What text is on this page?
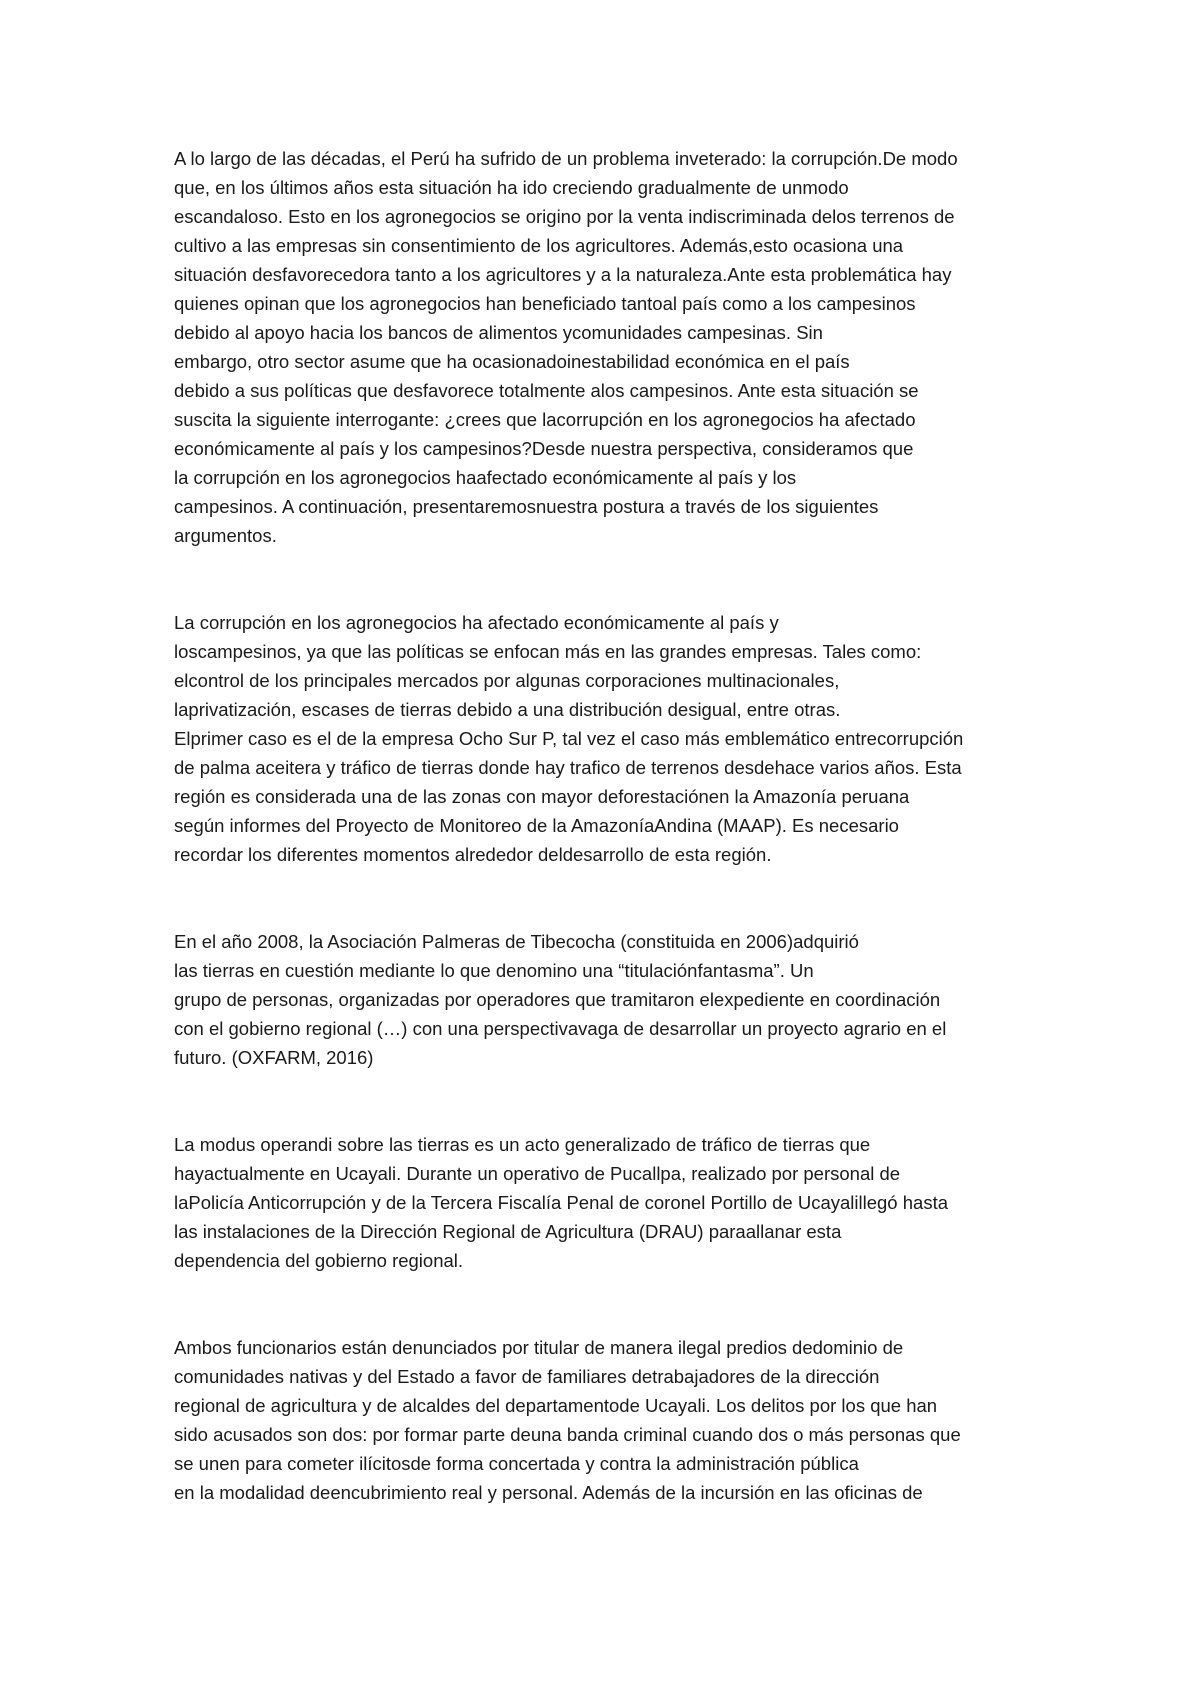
A lo largo de las décadas, el Perú ha sufrido de un problema inveterado: la corrupción.De modo
que, en los últimos años esta situación ha ido creciendo gradualmente de unmodo
escandaloso. Esto en los agronegocios se origino por la venta indiscriminada delos terrenos de
cultivo a las empresas sin consentimiento de los agricultores. Además,esto ocasiona una
situación desfavorecedora tanto a los agricultores y a la naturaleza.Ante esta problemática hay
quienes opinan que los agronegocios han beneficiado tantoal país como a los campesinos
debido al apoyo hacia los bancos de alimentos ycomunidades campesinas. Sin
embargo, otro sector asume que ha ocasionadoinestabilidad económica en el país
debido a sus políticas que desfavorece totalmente alos campesinos. Ante esta situación se
suscita la siguiente interrogante: ¿crees que lacorrupción en los agronegocios ha afectado
económicamente al país y los campesinos?Desde nuestra perspectiva, consideramos que
la corrupción en los agronegocios haafectado económicamente al país y los
campesinos. A continuación, presentaremosnuestra postura a través de los siguientes
argumentos.
La corrupción en los agronegocios ha afectado económicamente al país y
loscampesinos, ya que las políticas se enfocan más en las grandes empresas. Tales como:
elcontrol de los principales mercados por algunas corporaciones multinacionales,
laprivatización, escases de tierras debido a una distribución desigual, entre otras.
Elprimer caso es el de la empresa Ocho Sur P, tal vez el caso más emblemático entrecorrupción
de palma aceitera y tráfico de tierras donde hay trafico de terrenos desdehace varios años. Esta
región es considerada una de las zonas con mayor deforestaciónen la Amazonía peruana
según informes del Proyecto de Monitoreo de la AmazoníaAndina (MAAP). Es necesario
recordar los diferentes momentos alrededor deldesarrollo de esta región.
En el año 2008, la Asociación Palmeras de Tibecocha (constituida en 2006)adquirió
las tierras en cuestión mediante lo que denomino una “titulaciónfantasma”. Un
grupo de personas, organizadas por operadores que tramitaron elexpediente en coordinación
con el gobierno regional (…) con una perspectivavaga de desarrollar un proyecto agrario en el
futuro. (OXFARM, 2016)
La modus operandi sobre las tierras es un acto generalizado de tráfico de tierras que
hayactualmente en Ucayali. Durante un operativo de Pucallpa, realizado por personal de
laPolicía Anticorrupción y de la Tercera Fiscalía Penal de coronel Portillo de Ucayalillegó hasta
las instalaciones de la Dirección Regional de Agricultura (DRAU) paraallanar esta
dependencia del gobierno regional.
Ambos funcionarios están denunciados por titular de manera ilegal predios dedominio de
comunidades nativas y del Estado a favor de familiares detrabajadores de la dirección
regional de agricultura y de alcaldes del departamentode Ucayali. Los delitos por los que han
sido acusados son dos: por formar parte deuna banda criminal cuando dos o más personas que
se unen para cometer ilícitosde forma concertada y contra la administración pública
en la modalidad deencubrimiento real y personal. Además de la incursión en las oficinas de
